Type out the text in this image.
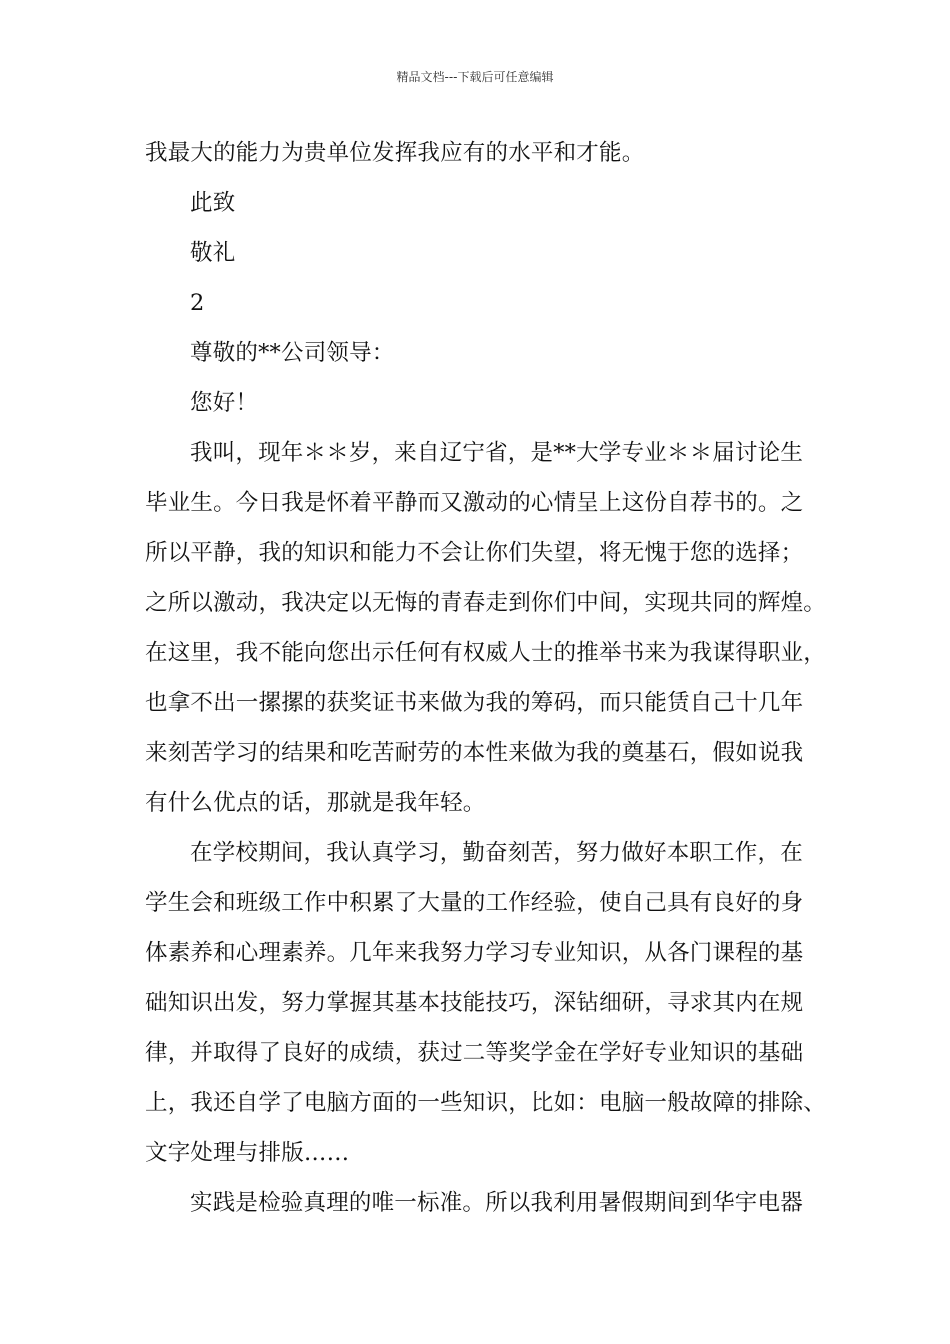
精品文档---下载后可任意编辑
我最大的能力为贵单位发挥我应有的水平和才能。
此致
敬礼
2
尊敬的**公司领导：
您好！
我叫，现年＊＊岁，来自辽宁省，是**大学专业＊＊届讨论生
毕业生。今日我是怀着平静而又激动的心情呈上这份自荐书的。之
所以平静，我的知识和能力不会让你们失望，将无愧于您的选择；
之所以激动，我决定以无悔的青春走到你们中间，实现共同的辉煌。
在这里，我不能向您出示任何有权威人士的推举书来为我谋得职业，
也拿不出一摞摞的获奖证书来做为我的筹码，而只能赁自己十几年
来刻苦学习的结果和吃苦耐劳的本性来做为我的奠基石，假如说我
有什么优点的话，那就是我年轻。
在学校期间，我认真学习，勤奋刻苦，努力做好本职工作，在
学生会和班级工作中积累了大量的工作经验，使自己具有良好的身
体素养和心理素养。几年来我努力学习专业知识，从各门课程的基
础知识出发，努力掌握其基本技能技巧，深钻细研，寻求其内在规
律，并取得了良好的成绩，获过二等奖学金在学好专业知识的基础
上，我还自学了电脑方面的一些知识，比如：电脑一般故障的排除、
文字处理与排版……
实践是检验真理的唯一标准。所以我利用暑假期间到华宇电器
